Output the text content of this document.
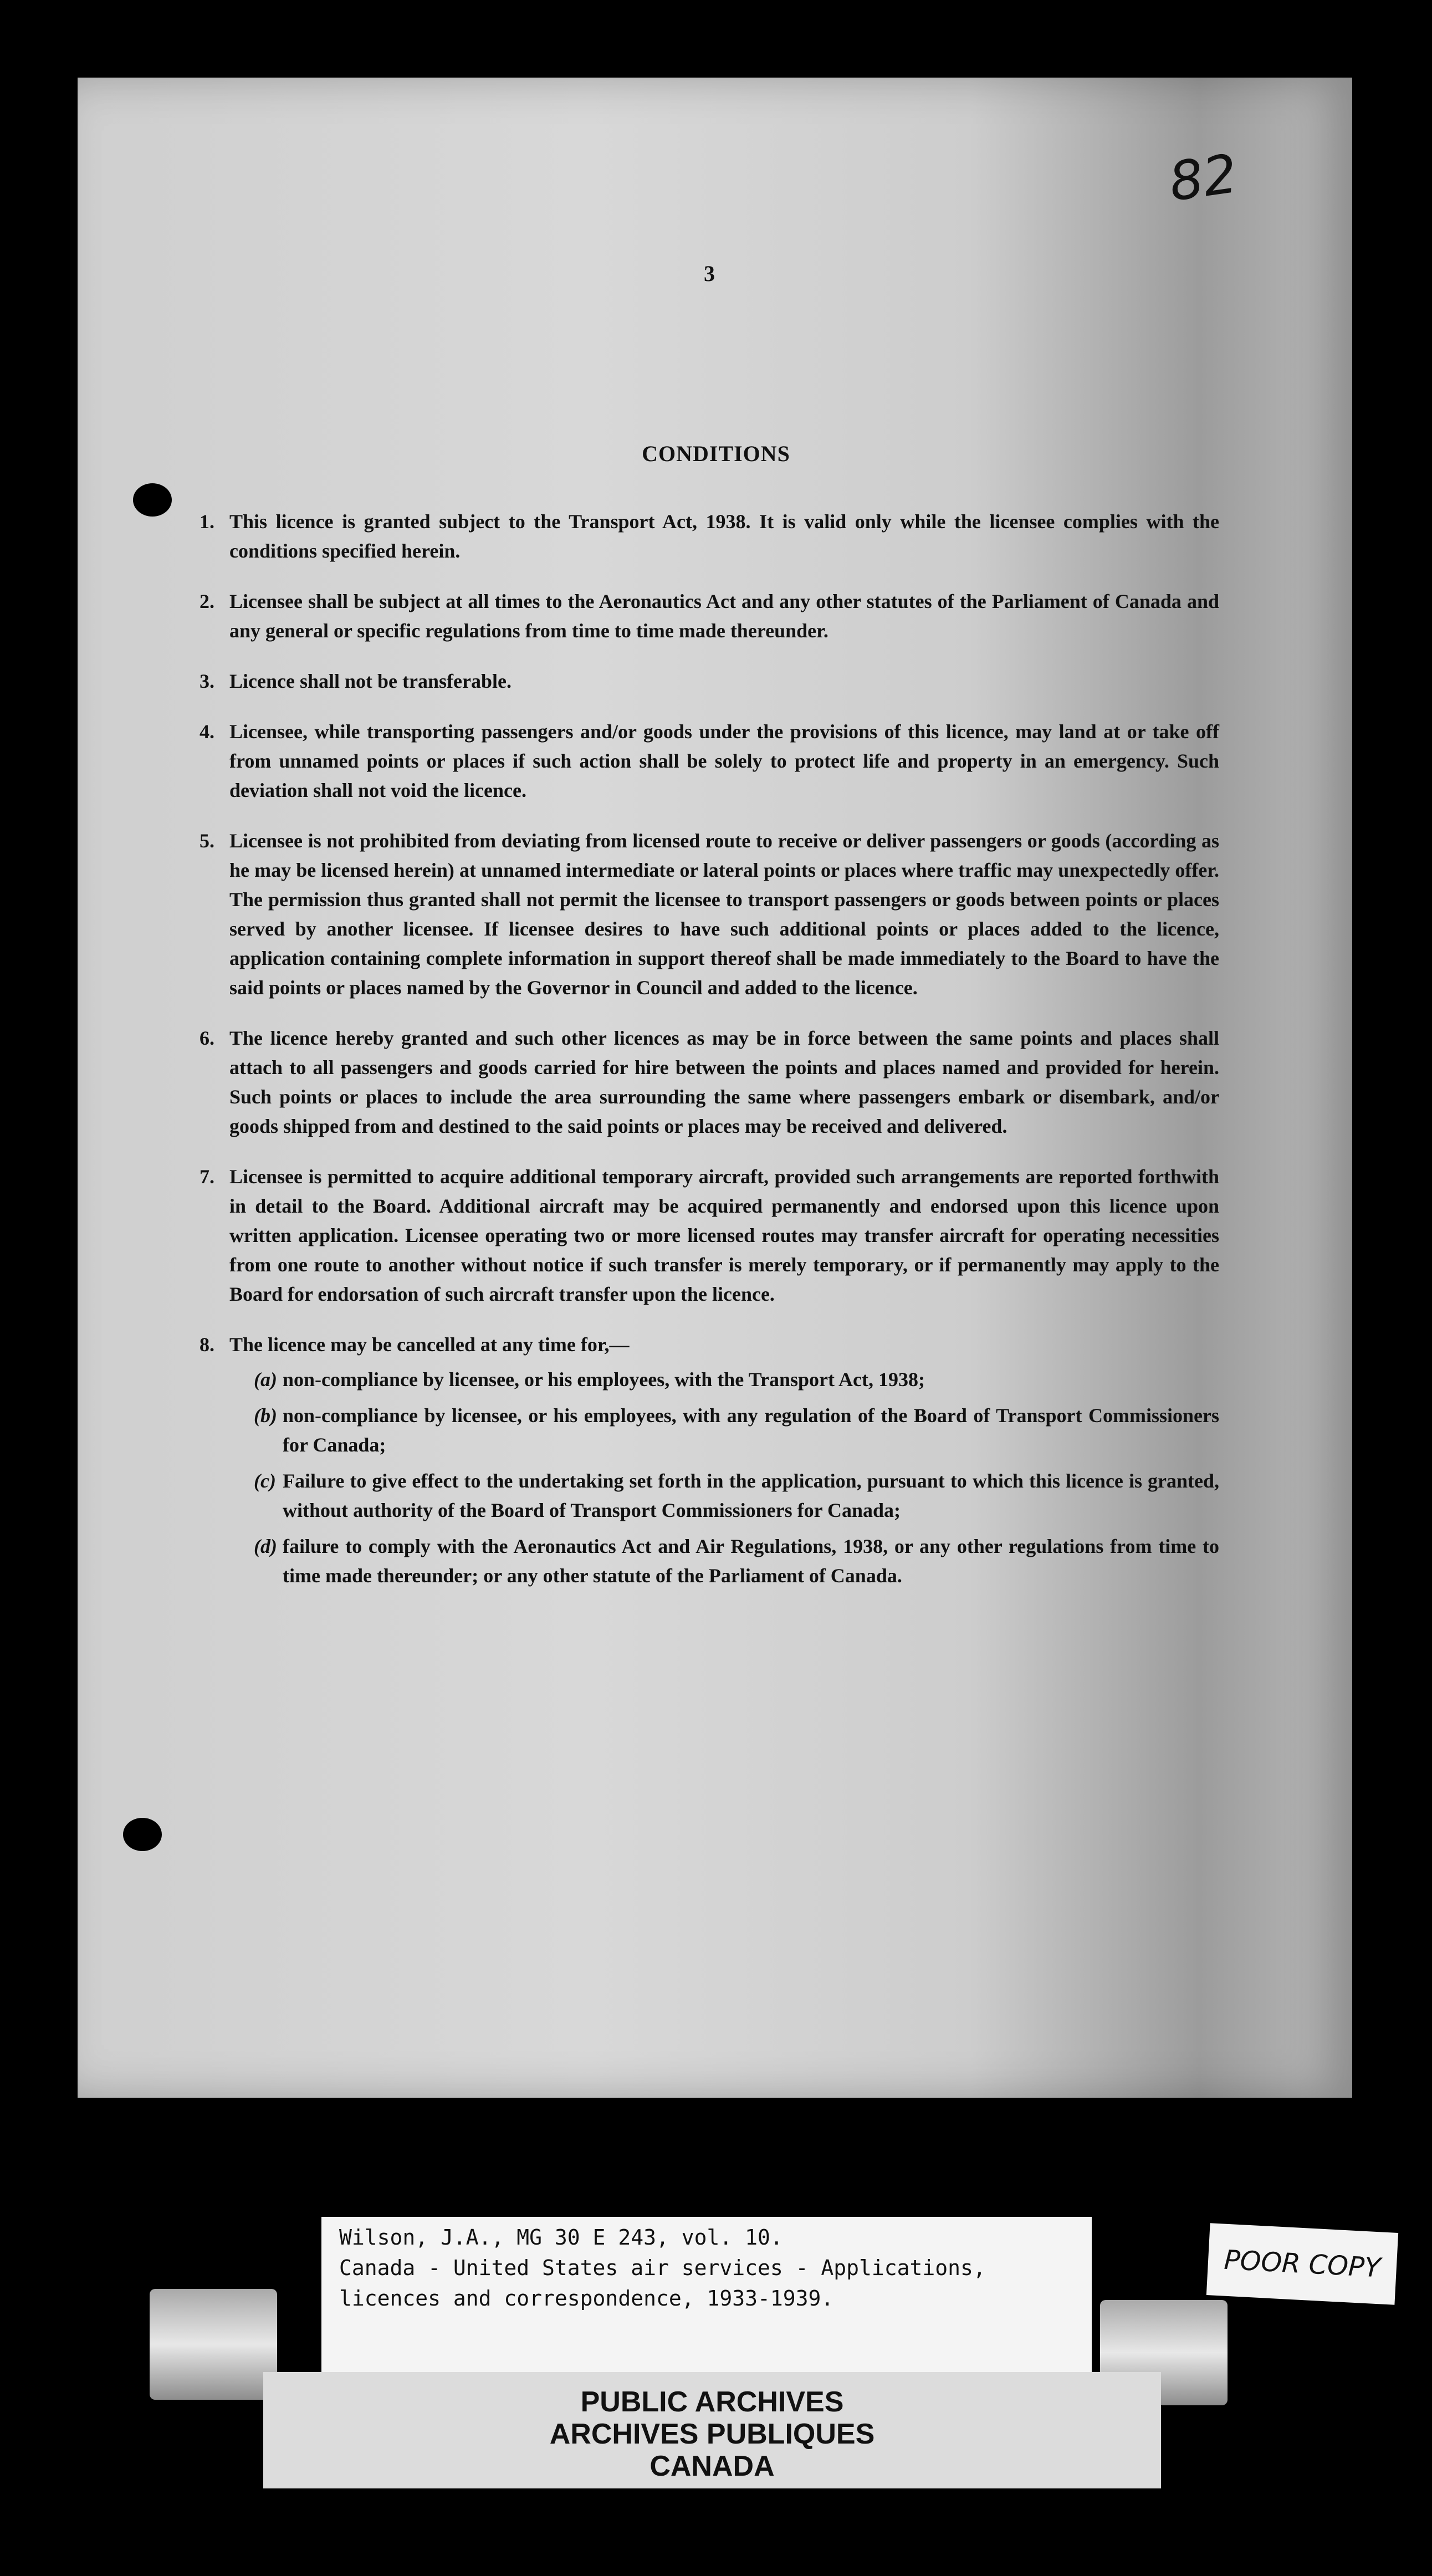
82
3
CONDITIONS
1. This licence is granted subject to the Transport Act, 1938. It is valid only while the licensee complies with the conditions specified herein.
2. Licensee shall be subject at all times to the Aeronautics Act and any other statutes of the Parliament of Canada and any general or specific regulations from time to time made thereunder.
3. Licence shall not be transferable.
4. Licensee, while transporting passengers and/or goods under the provisions of this licence, may land at or take off from unnamed points or places if such action shall be solely to protect life and property in an emergency. Such deviation shall not void the licence.
5. Licensee is not prohibited from deviating from licensed route to receive or deliver passengers or goods (according as he may be licensed herein) at unnamed intermediate or lateral points or places where traffic may unexpectedly offer. The permission thus granted shall not permit the licensee to transport passengers or goods between points or places served by another licensee. If licensee desires to have such additional points or places added to the licence, application containing complete information in support thereof shall be made immediately to the Board to have the said points or places named by the Governor in Council and added to the licence.
6. The licence hereby granted and such other licences as may be in force between the same points and places shall attach to all passengers and goods carried for hire between the points and places named and provided for herein. Such points or places to include the area surrounding the same where passengers embark or disembark, and/or goods shipped from and destined to the said points or places may be received and delivered.
7. Licensee is permitted to acquire additional temporary aircraft, provided such arrangements are reported forthwith in detail to the Board. Additional aircraft may be acquired permanently and endorsed upon this licence upon written application. Licensee operating two or more licensed routes may transfer aircraft for operating necessities from one route to another without notice if such transfer is merely temporary, or if permanently may apply to the Board for endorsation of such aircraft transfer upon the licence.
8. The licence may be cancelled at any time for,—
(a) non-compliance by licensee, or his employees, with the Transport Act, 1938;
(b) non-compliance by licensee, or his employees, with any regulation of the Board of Transport Commissioners for Canada;
(c) Failure to give effect to the undertaking set forth in the application, pursuant to which this licence is granted, without authority of the Board of Transport Commissioners for Canada;
(d) failure to comply with the Aeronautics Act and Air Regulations, 1938, or any other regulations from time to time made thereunder; or any other statute of the Parliament of Canada.
Wilson, J.A., MG 30 E 243, vol. 10.
Canada - United States air services - Applications,
licences and correspondence, 1933-1939.
PUBLIC ARCHIVES
ARCHIVES PUBLIQUES
CANADA
POOR COPY
